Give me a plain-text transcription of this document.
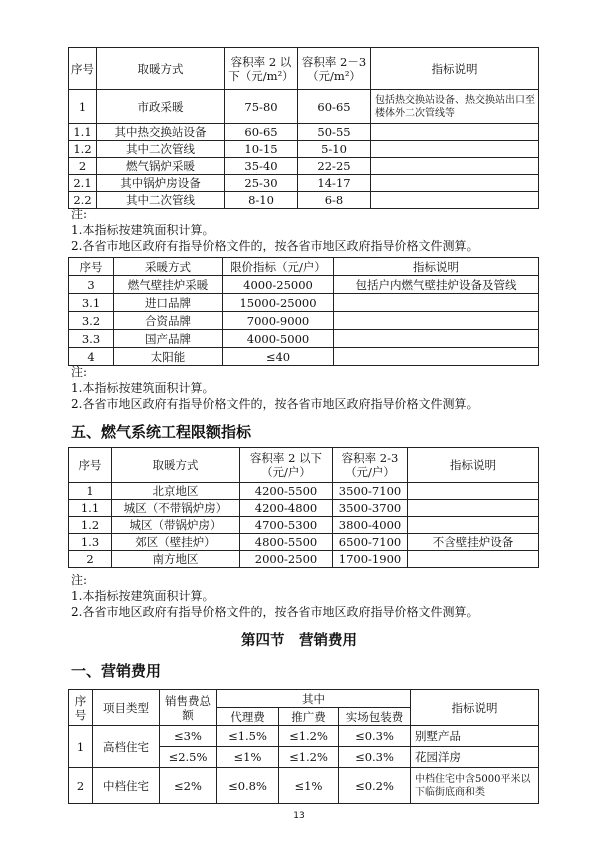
序号	取暖方式	容积率 2 以下（元/m²）	容积率 2－3（元/m²）	指标说明
1	市政采暖	75-80	60-65	包括热交换站设备、热交换站出口至楼体外二次管线等
1.1	其中热交换站设备	60-65	50-55	
1.2	其中二次管线	10-15	5-10	
2	燃气锅炉采暖	35-40	22-25	
2.1	其中锅炉房设备	25-30	14-17	
2.2	其中二次管线	8-10	6-8	
注:
1.本指标按建筑面积计算。
2.各省市地区政府有指导价格文件的，按各省市地区政府指导价格文件测算。
序号	采暖方式	限价指标（元/户）	指标说明
3	燃气壁挂炉采暖	4000-25000	包括户内燃气壁挂炉设备及管线
3.1	进口品牌	15000-25000	
3.2	合资品牌	7000-9000	
3.3	国产品牌	4000-5000	
4	太阳能	≤40	
注:
1.本指标按建筑面积计算。
2.各省市地区政府有指导价格文件的，按各省市地区政府指导价格文件测算。
五、燃气系统工程限额指标
序号	取暖方式	容积率 2 以下（元/户）	容积率 2-3（元/户）	指标说明
1	北京地区	4200-5500	3500-7100	
1.1	城区（不带锅炉房）	4200-4800	3500-3700	
1.2	城区（带锅炉房）	4700-5300	3800-4000	
1.3	郊区（壁挂炉）	4800-5500	6500-7100	不含壁挂炉设备
2	南方地区	2000-2500	1700-1900	
注:
1.本指标按建筑面积计算。
2.各省市地区政府有指导价格文件的，按各省市地区政府指导价格文件测算。
第四节　营销费用
一、营销费用
序号	项目类型	销售费总额	其中			指标说明
			代理费	推广费	实场包装费	
1	高档住宅	≤3%	≤1.5%	≤1.2%	≤0.3%	别墅产品
		≤2.5%	≤1%	≤1.2%	≤0.3%	花园洋房
2	中档住宅	≤2%	≤0.8%	≤1%	≤0.2%	中档住宅中含5000平米以下临街底商和类
13
